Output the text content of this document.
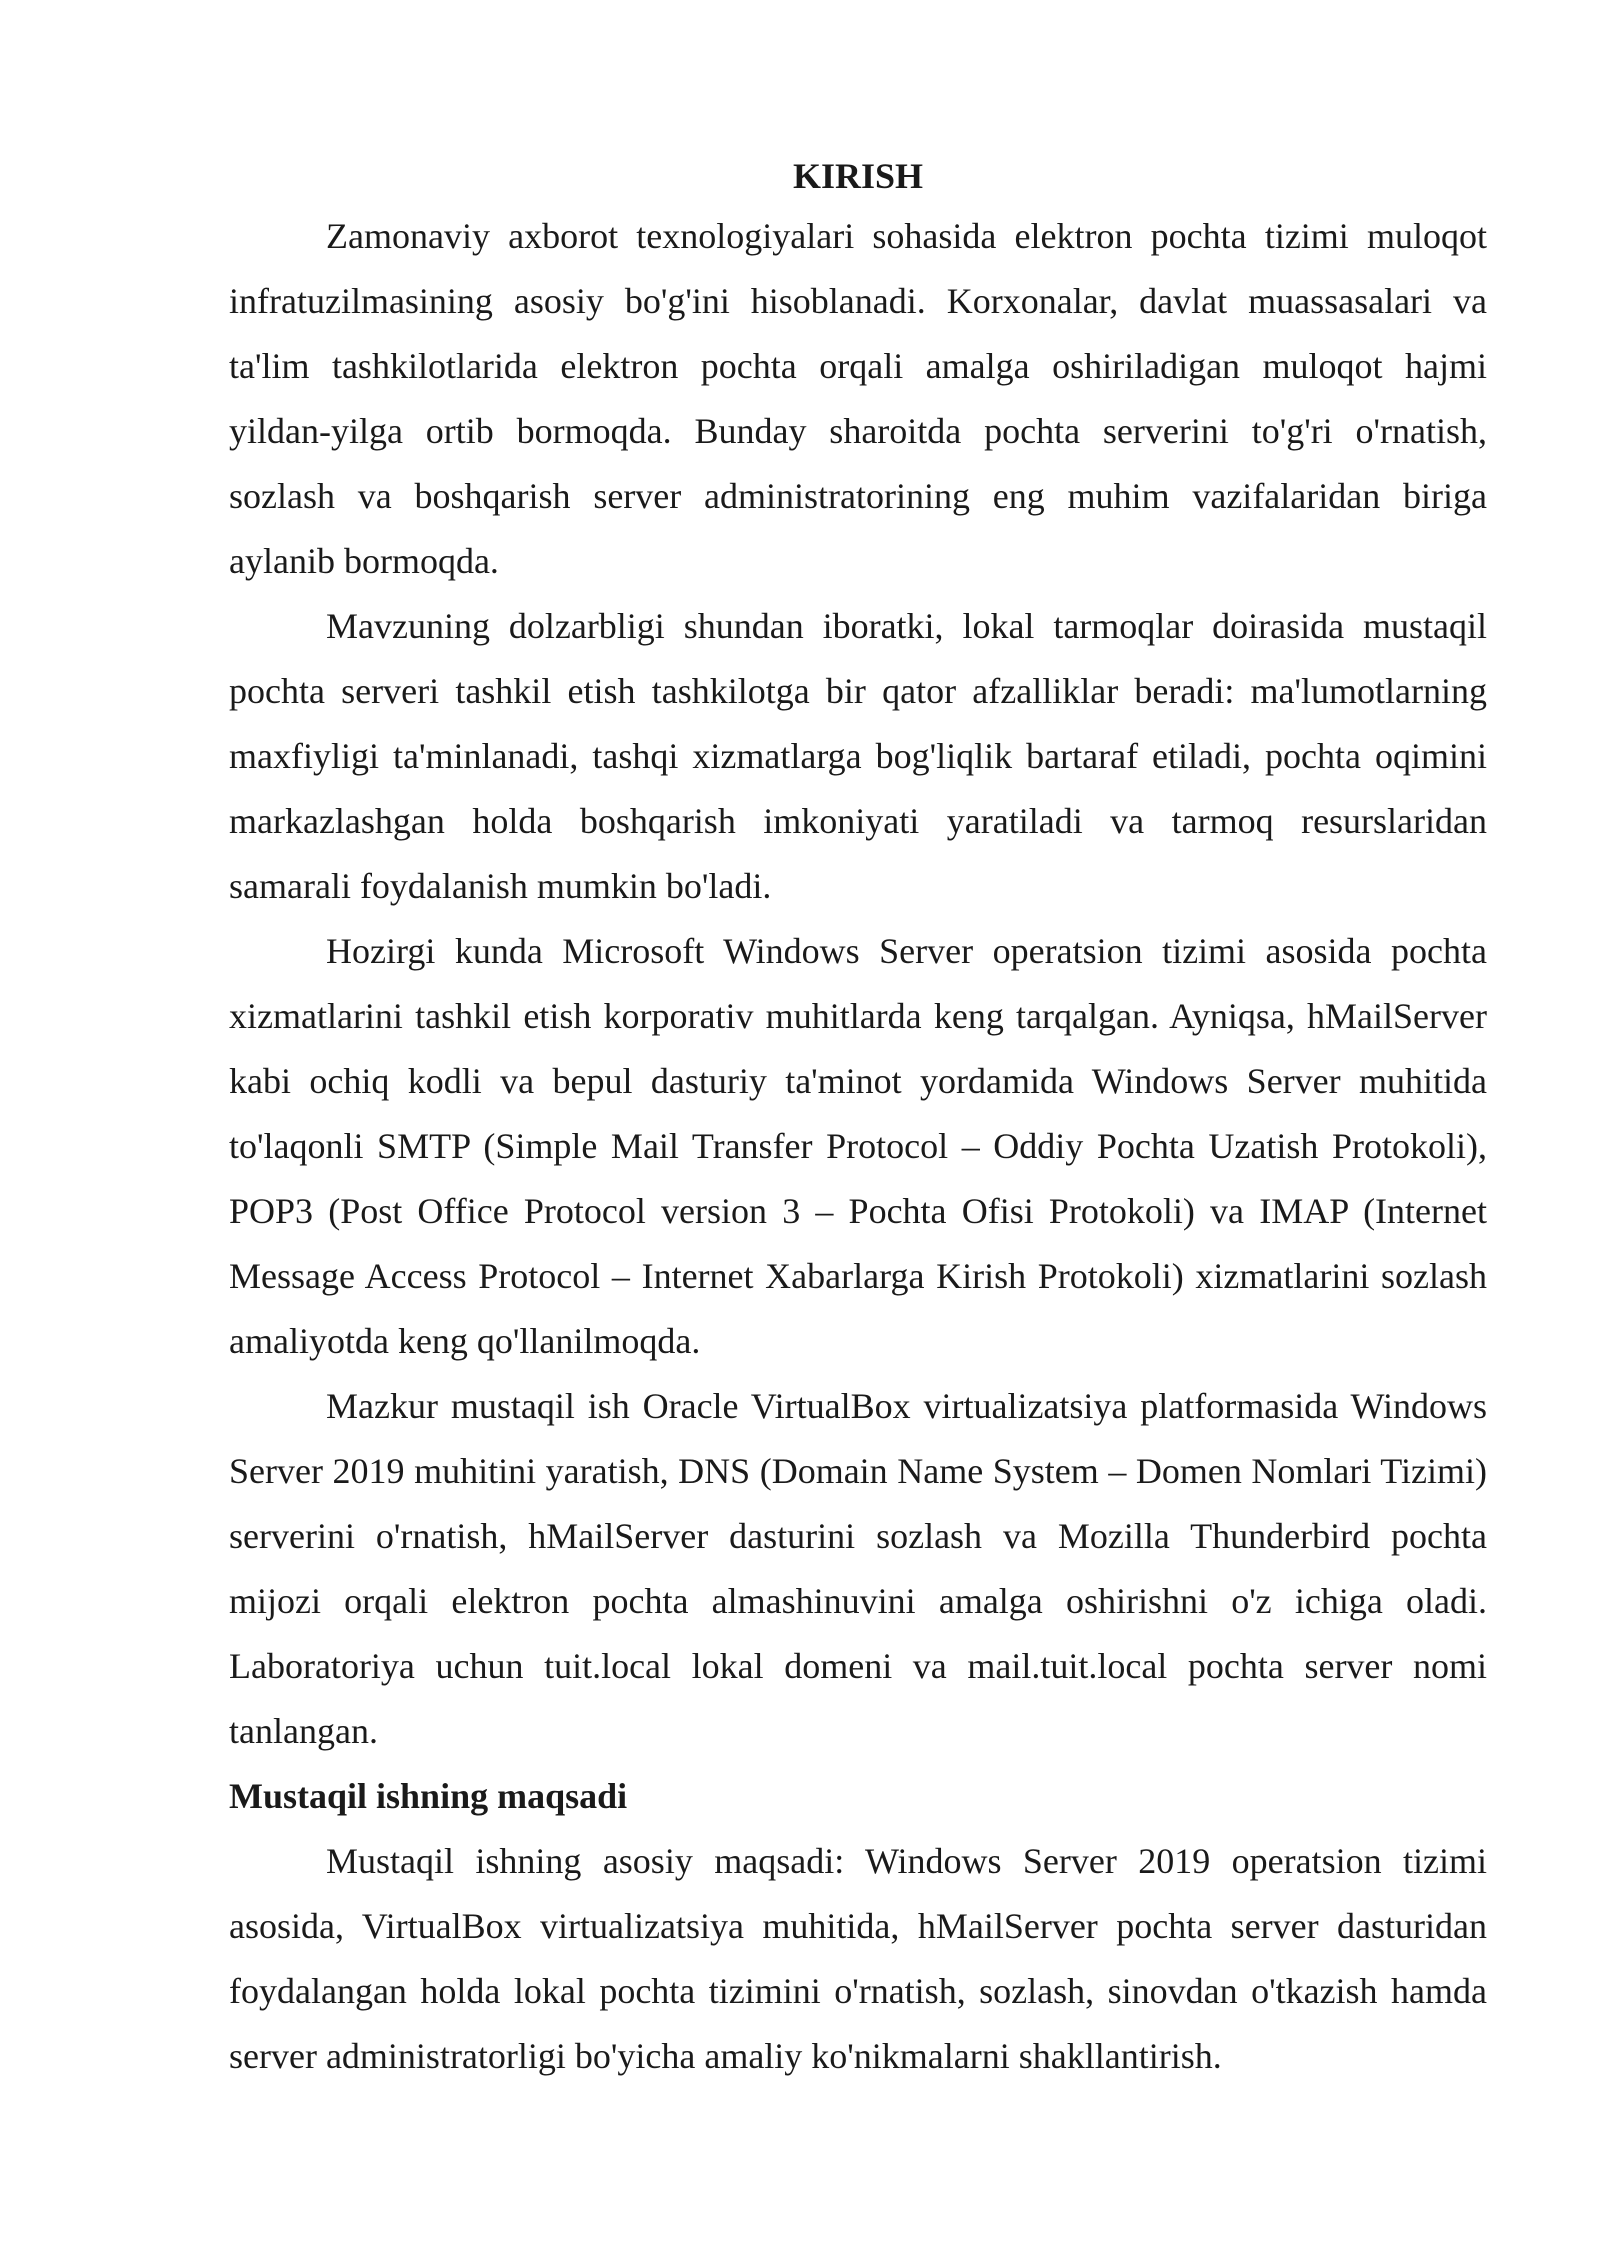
KIRISH

Zamonaviy axborot texnologiyalari sohasida elektron pochta tizimi muloqot infratuzilmasining asosiy bo'g'ini hisoblanadi. Korxonalar, davlat muassasalari va ta'lim tashkilotlarida elektron pochta orqali amalga oshiriladigan muloqot hajmi yildan-yilga ortib bormoqda. Bunday sharoitda pochta serverini to'g'ri o'rnatish, sozlash va boshqarish server administratorining eng muhim vazifalaridan biriga aylanib bormoqda.

Mavzuning dolzarbligi shundan iboratki, lokal tarmoqlar doirasida mustaqil pochta serveri tashkil etish tashkilotga bir qator afzalliklar beradi: ma'lumotlarning maxfiyligi ta'minlanadi, tashqi xizmatlarga bog'liqlik bartaraf etiladi, pochta oqimini markazlashgan holda boshqarish imkoniyati yaratiladi va tarmoq resurslaridan samarali foydalanish mumkin bo'ladi.

Hozirgi kunda Microsoft Windows Server operatsion tizimi asosida pochta xizmatlarini tashkil etish korporativ muhitlarda keng tarqalgan. Ayniqsa, hMailServer kabi ochiq kodli va bepul dasturiy ta'minot yordamida Windows Server muhitida to'laqonli SMTP (Simple Mail Transfer Protocol – Oddiy Pochta Uzatish Protokoli), POP3 (Post Office Protocol version 3 – Pochta Ofisi Protokoli) va IMAP (Internet Message Access Protocol – Internet Xabarlarga Kirish Protokoli) xizmatlarini sozlash amaliyotda keng qo'llanilmoqda.

Mazkur mustaqil ish Oracle VirtualBox virtualizatsiya platformasida Windows Server 2019 muhitini yaratish, DNS (Domain Name System – Domen Nomlari Tizimi) serverini o'rnatish, hMailServer dasturini sozlash va Mozilla Thunderbird pochta mijozi orqali elektron pochta almashinuvini amalga oshirishni o'z ichiga oladi. Laboratoriya uchun tuit.local lokal domeni va mail.tuit.local pochta server nomi tanlangan.

Mustaqil ishning maqsadi

Mustaqil ishning asosiy maqsadi: Windows Server 2019 operatsion tizimi asosida, VirtualBox virtualizatsiya muhitida, hMailServer pochta server dasturidan foydalangan holda lokal pochta tizimini o'rnatish, sozlash, sinovdan o'tkazish hamda server administratorligi bo'yicha amaliy ko'nikmalarni shakllantirish.
